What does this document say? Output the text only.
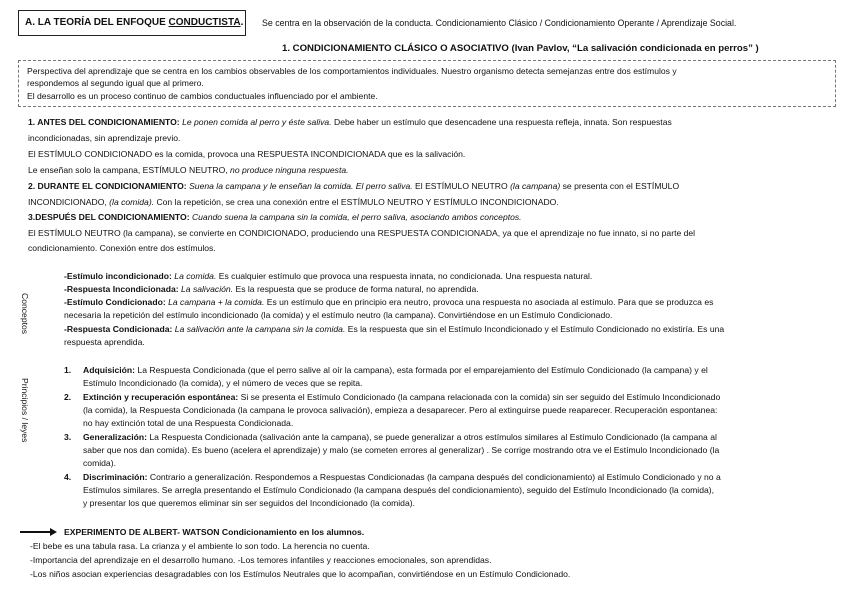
A. LA TEORÍA DEL ENFOQUE CONDUCTISTA.	Se centra en la observación de la conducta. Condicionamiento Clásico / Condicionamiento Operante / Aprendizaje Social.
1. CONDICIONAMIENTO CLÁSICO O ASOCIATIVO (Ivan Pavlov, “La salivación condicionada en perros” )

Perspectiva del aprendizaje que se centra en los cambios observables de los comportamientos individuales. Nuestro organismo detecta semejanzas entre dos estímulos y

respondemos al segundo igual que al primero.

El desarrollo es un proceso continuo de cambios conductuales influenciado por el ambiente.

1. ANTES DEL CONDICIONAMIENTO: Le ponen comida al perro y éste saliva. Debe haber un estímulo que desencadene una respuesta refleja, innata. Son respuestas
incondicionadas, sin aprendizaje previo.
El ESTÍMULO CONDICIONADO es la comida, provoca una RESPUESTA INCONDICIONADA que es la salivación.
Le enseñan solo la campana, ESTÍMULO NEUTRO, no produce ninguna respuesta.
2. DURANTE EL CONDICIONAMIENTO: Suena la campana y le enseñan la comida. El perro saliva. El ESTÍMULO NEUTRO (la campana) se presenta con el ESTÍMULO
INCONDICIONADO, (la comida). Con la repetición, se crea una conexión entre el ESTÍMULO NEUTRO Y ESTÍMULO INCONDICIONADO.
3.DESPUÉS DEL CONDICIONAMIENTO: Cuando suena la campana sin la comida, el perro saliva, asociando ambos conceptos.
El ESTÍMULO NEUTRO (la campana), se convierte en CONDICIONADO, produciendo una RESPUESTA CONDICIONADA, ya que el aprendizaje no fue innato, si no parte del
condicionamiento. Conexión entre dos estímulos.
Conceptos
Principios / leyes
-Estímulo incondicionado: La comida. Es cualquier estímulo que provoca una respuesta innata, no condicionada. Una respuesta natural.
-Respuesta Incondicionada: La salivación. Es la respuesta que se produce de forma natural, no aprendida.
-Estímulo Condicionado: La campana + la comida. Es un estímulo que en principio era neutro, provoca una respuesta no asociada al estímulo. Para que se produzca es
necesaria la repetición del estímulo incondicionado (la comida) y el estímulo neutro (la campana). Convirtiéndose en un Estímulo Condicionado.
-Respuesta Condicionada: La salivación ante la campana sin la comida. Es la respuesta que sin el Estímulo Incondicionado y el Estímulo Condicionado no existiría. Es una
respuesta aprendida.
1. Adquisición: La Respuesta Condicionada (que el perro salive al oír la campana), esta formada por el emparejamiento del Estímulo Condicionado (la campana) y el
Estímulo Incondicionado (la comida), y el número de veces que se repita.
2. Extinción y recuperación espontánea: Si se presenta el Estímulo Condicionado (la campana relacionada con la comida) sin ser seguido del Estímulo Incondicionado
(la comida), la Respuesta Condicionada (la campana le provoca salivación), empieza a desaparecer. Pero al extinguirse puede reaparecer. Recuperación espontanea:
no hay extinción total de una Respuesta Condicionada.
3. Generalización: La Respuesta Condicionada (salivación ante la campana), se puede generalizar a otros estímulos similares al Estímulo Condicionado (la campana al
saber que nos dan comida). Es bueno (acelera el aprendizaje) y malo (se cometen errores al generalizar) . Se corrige mostrando otra ve el Estímulo Incondicionado (la
comida).
4. Discriminación: Contrario a generalización. Respondemos a Respuestas Condicionadas (la campana después del condicionamiento) al Estímulo Condicionado y no a
Estímulos similares. Se arregla presentando el Estímulo Condicionado (la campana después del condicionamiento), seguido del Estímulo Incondicionado (la comida),
y presentar los que queremos eliminar sin ser seguidos del Incondicionado (la comida).
EXPERIMENTO DE ALBERT- WATSON Condicionamiento en los alumnos.
-El bebe es una tabula rasa. La crianza y el ambiente lo son todo. La herencia no cuenta.
-Importancia del aprendizaje en el desarrollo humano. -Los temores infantiles y reacciones emocionales, son aprendidas.
-Los niños asocian experiencias desagradables con los Estímulos Neutrales que lo acompañan, convirtiéndose en un Estímulo Condicionado.
